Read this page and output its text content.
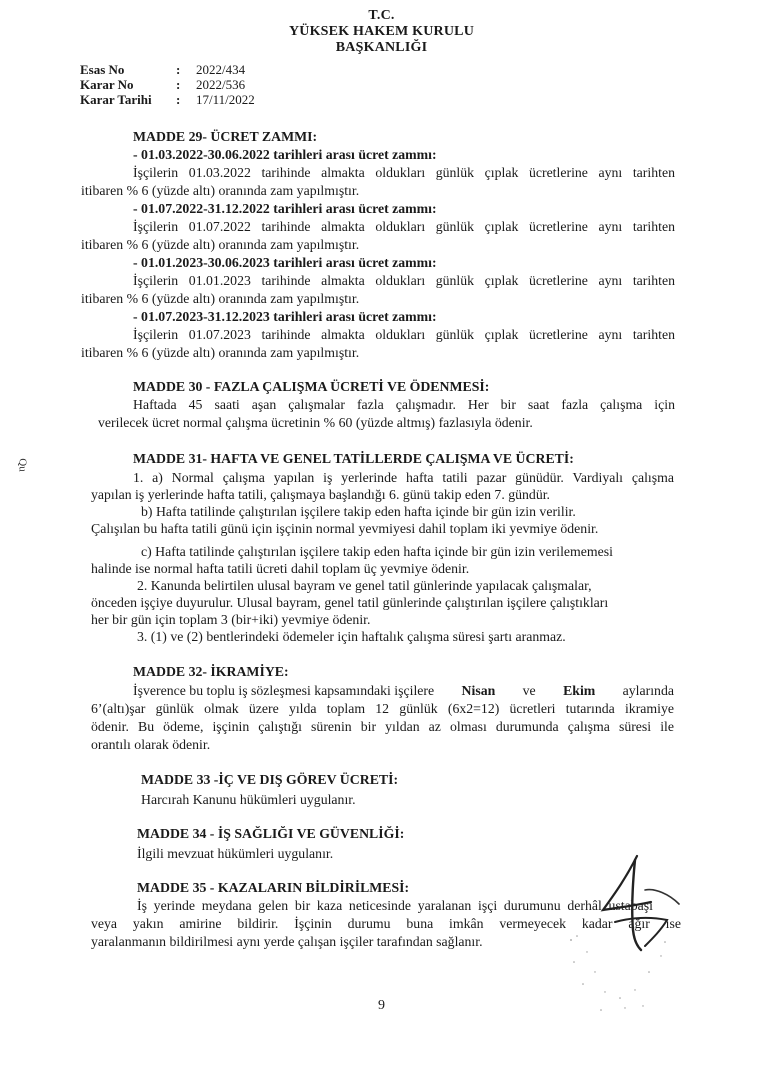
T.C.
YÜKSEK HAKEM KURULU
BAŞKANLIĞI
Esas No	:	2022/434
Karar No	:	2022/536
Karar Tarihi	:	17/11/2022
MADDE 29- ÜCRET ZAMMI:
- 01.03.2022-30.06.2022 tarihleri arası ücret zammı:
İşçilerin 01.03.2022 tarihinde almakta oldukları günlük çıplak ücretlerine aynı tarihten
itibaren % 6 (yüzde altı) oranında zam yapılmıştır.
- 01.07.2022-31.12.2022 tarihleri arası ücret zammı:
İşçilerin 01.07.2022 tarihinde almakta oldukları günlük çıplak ücretlerine aynı tarihten
itibaren % 6 (yüzde altı) oranında zam yapılmıştır.
- 01.01.2023-30.06.2023 tarihleri arası ücret zammı:
İşçilerin 01.01.2023 tarihinde almakta oldukları günlük çıplak ücretlerine aynı tarihten
itibaren % 6 (yüzde altı) oranında zam yapılmıştır.
- 01.07.2023-31.12.2023 tarihleri arası ücret zammı:
İşçilerin 01.07.2023 tarihinde almakta oldukları günlük çıplak ücretlerine aynı tarihten
itibaren % 6 (yüzde altı) oranında zam yapılmıştır.
MADDE 30 - FAZLA ÇALIŞMA ÜCRETİ VE ÖDENMESİ:
Haftada 45 saati aşan çalışmalar fazla çalışmadır. Her bir saat fazla çalışma için
verilecek ücret normal çalışma ücretinin % 60 (yüzde altmış) fazlasıyla ödenir.
MADDE 31- HAFTA VE GENEL TATİLLERDE ÇALIŞMA VE ÜCRETİ:
1. a) Normal çalışma yapılan iş yerlerinde hafta tatili pazar günüdür. Vardiyalı çalışma
yapılan iş yerlerinde hafta tatili, çalışmaya başlandığı 6. günü takip eden 7. gündür.
b) Hafta tatilinde çalıştırılan işçilere takip eden hafta içinde bir gün izin verilir.
Çalışılan bu hafta tatili günü için işçinin normal yevmiyesi dahil toplam iki yevmiye ödenir.
c) Hafta tatilinde çalıştırılan işçilere takip eden hafta içinde bir gün izin verilememesi
halinde ise normal hafta tatili ücreti dahil toplam üç yevmiye ödenir.
2. Kanunda belirtilen ulusal bayram ve genel tatil günlerinde yapılacak çalışmalar,
önceden işçiye duyurulur. Ulusal bayram, genel tatil günlerinde çalıştırılan işçilere çalıştıkları
her bir gün için toplam 3 (bir+iki) yevmiye ödenir.
3. (1) ve (2) bentlerindeki ödemeler için haftalık çalışma süresi şartı aranmaz.
MADDE 32- İKRAMİYE:
İşverence bu toplu iş sözleşmesi kapsamındaki işçilere Nisan ve Ekim aylarında
6’(altı)şar günlük olmak üzere yılda toplam 12 günlük (6x2=12) ücretleri tutarında ikramiye
ödenir. Bu ödeme, işçinin çalıştığı sürenin bir yıldan az olması durumunda çalışma süresi ile
orantılı olarak ödenir.
MADDE 33 -İÇ VE DIŞ GÖREV ÜCRETİ:
Harcırah Kanunu hükümleri uygulanır.
MADDE 34 - İŞ SAĞLIĞI VE GÜVENLİĞİ:
İlgili mevzuat hükümleri uygulanır.
MADDE 35 - KAZALARIN BİLDİRİLMESİ:
İş yerinde meydana gelen bir kaza neticesinde yaralanan işçi durumunu derhâl ustabaşı
veya yakın amirine bildirir. İşçinin durumu buna imkân vermeyecek kadar ağır ise
yaralanmanın bildirilmesi aynı yerde çalışan işçiler tarafından sağlanır.
Qu
9
